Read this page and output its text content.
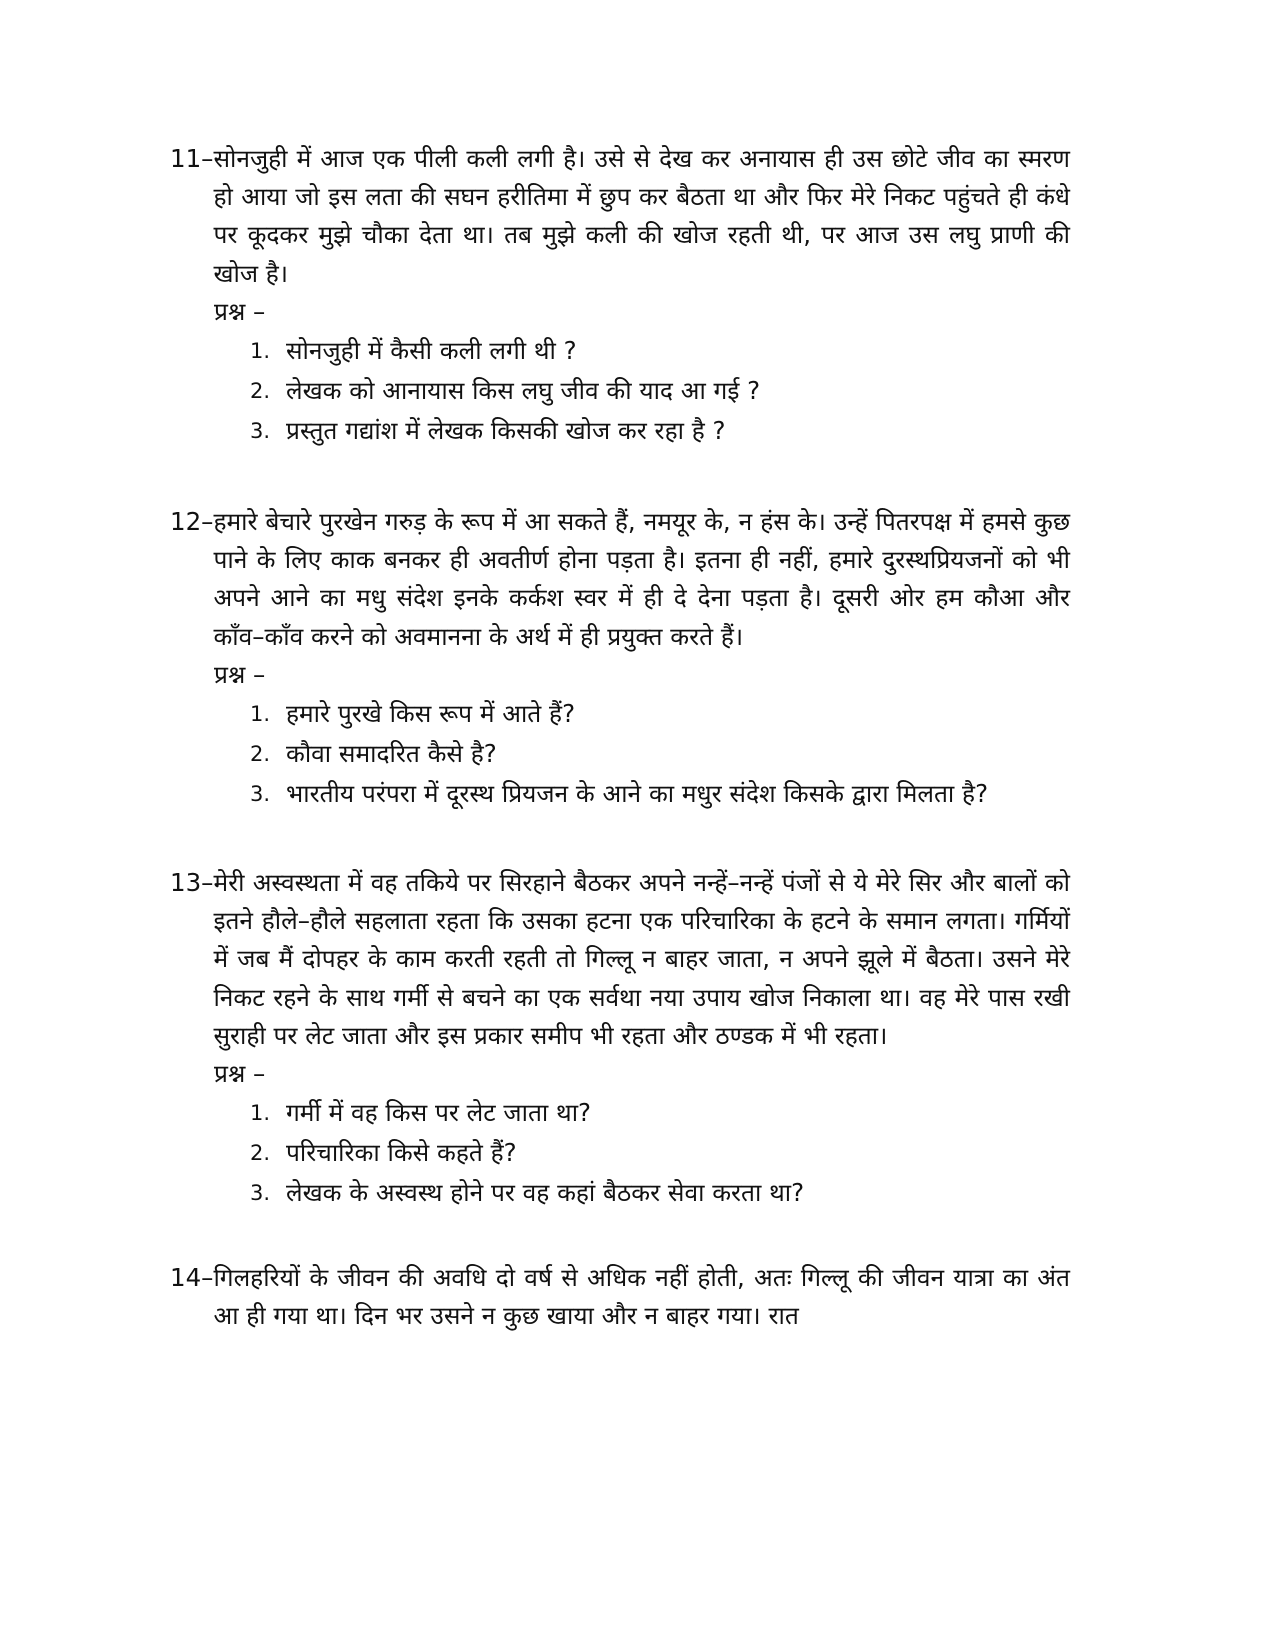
11– सोनजुही में आज एक पीली कली लगी है। उसे से देख कर अनायास ही उस छोटे जीव का स्मरण हो आया जो इस लता की सघन हरीतिमा में छुप कर बैठता था और फिर मेरे निकट पहुंचते ही कंधे पर कूदकर मुझे चौका देता था। तब मुझे कली की खोज रहती थी, पर आज उस लघु प्राणी की खोज है।
प्रश्न –
1. सोनजुही में कैसी कली लगी थी ?
2. लेखक को आनायास किस लघु जीव की याद आ गई ?
3. प्रस्तुत गद्यांश में लेखक किसकी खोज कर रहा है ?
12– हमारे बेचारे पुरखेन गरुड़ के रूप में आ सकते हैं, नमयूर के, न हंस के। उन्हें पितरपक्ष में हमसे कुछ पाने के लिए काक बनकर ही अवतीर्ण होना पड़ता है। इतना ही नहीं, हमारे दुरस्थप्रियजनों को भी अपने आने का मधु संदेश इनके कर्कश स्वर में ही दे देना पड़ता है। दूसरी ओर हम कौआ और काँव–काँव करने को अवमानना के अर्थ में ही प्रयुक्त करते हैं।
प्रश्न –
1. हमारे पुरखे किस रूप में आते हैं?
2. कौवा समादरित कैसे है?
3. भारतीय परंपरा में दूरस्थ प्रियजन के आने का मधुर संदेश किसके द्वारा मिलता है?
13– मेरी अस्वस्थता में वह तकिये पर सिरहाने बैठकर अपने नन्हें–नन्हें पंजों से ये मेरे सिर और बालों को इतने हौले–हौले सहलाता रहता कि उसका हटना एक परिचारिका के हटने के समान लगता। गर्मियों में जब मैं दोपहर के काम करती रहती तो गिल्लू न बाहर जाता, न अपने झूले में बैठता। उसने मेरे निकट रहने के साथ गर्मी से बचने का एक सर्वथा नया उपाय खोज निकाला था। वह मेरे पास रखी सुराही पर लेट जाता और इस प्रकार समीप भी रहता और ठण्डक में भी रहता।
प्रश्न –
1. गर्मी में वह किस पर लेट जाता था?
2. परिचारिका किसे कहते हैं?
3. लेखक के अस्वस्थ होने पर वह कहां बैठकर सेवा करता था?
14– गिलहरियों के जीवन की अवधि दो वर्ष से अधिक नहीं होती, अतः गिल्लू की जीवन यात्रा का अंत आ ही गया था। दिन भर उसने न कुछ खाया और न बाहर गया। रात
